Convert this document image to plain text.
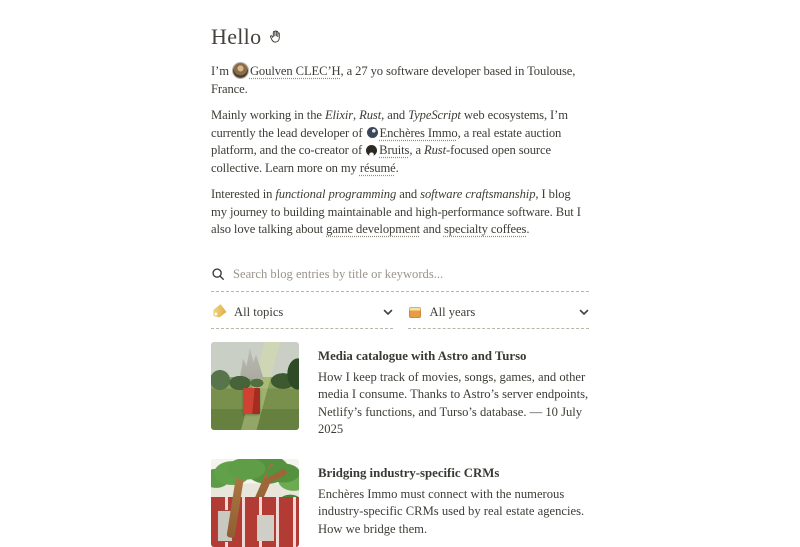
Hello

I’m Goulven CLEC’H, a 27 yo software developer based in Toulouse, France.

Mainly working in the Elixir, Rust, and TypeScript web ecosystems, I’m currently the lead developer of Enchères Immo, a real estate auction platform, and the co-creator of Bruits, a Rust-focused open source collective. Learn more on my résumé.

Interested in functional programming and software craftsmanship, I blog my journey to building maintainable and high-performance software. But I also love talking about game development and specialty coffees.

Search blog entries by title or keywords...
All topics	All years

Media catalogue with Astro and Turso

How I keep track of movies, songs, games, and other media I consume. Thanks to Astro’s server endpoints, Netlify’s functions, and Turso’s database. — 10 July 2025

Bridging industry-specific CRMs

Enchères Immo must connect with the numerous industry-specific CRMs used by real estate agencies. How we bridge them.
